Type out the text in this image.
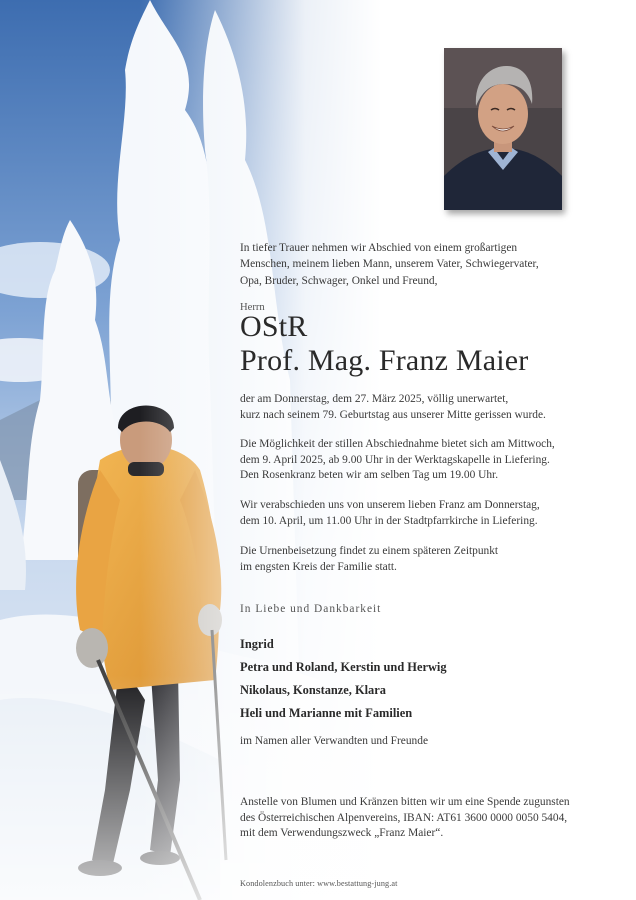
In tiefer Trauer nehmen wir Abschied von einem großartigen
Menschen, meinem lieben Mann, unserem Vater, Schwiegervater,
Opa, Bruder, Schwager, Onkel und Freund,
Herrn
OStR
Prof. Mag. Franz Maier
der am Donnerstag, dem 27. März 2025, völlig unerwartet,
kurz nach seinem 79. Geburtstag aus unserer Mitte gerissen wurde.
Die Möglichkeit der stillen Abschiednahme bietet sich am Mittwoch,
dem 9. April 2025, ab 9.00 Uhr in der Werktagskapelle in Liefering.
Den Rosenkranz beten wir am selben Tag um 19.00 Uhr.
Wir verabschieden uns von unserem lieben Franz am Donnerstag,
dem 10. April, um 11.00 Uhr in der Stadtpfarrkirche in Liefering.
Die Urnenbeisetzung findet zu einem späteren Zeitpunkt
im engsten Kreis der Familie statt.
In Liebe und Dankbarkeit
Ingrid
Petra und Roland, Kerstin und Herwig
Nikolaus, Konstanze, Klara
Heli und Marianne mit Familien
im Namen aller Verwandten und Freunde
Anstelle von Blumen und Kränzen bitten wir um eine Spende zugunsten
des Österreichischen Alpenvereins, IBAN: AT61 3600 0000 0050 5404,
mit dem Verwendungszweck „Franz Maier“.
Kondolenzbuch unter: www.bestattung-jung.at
